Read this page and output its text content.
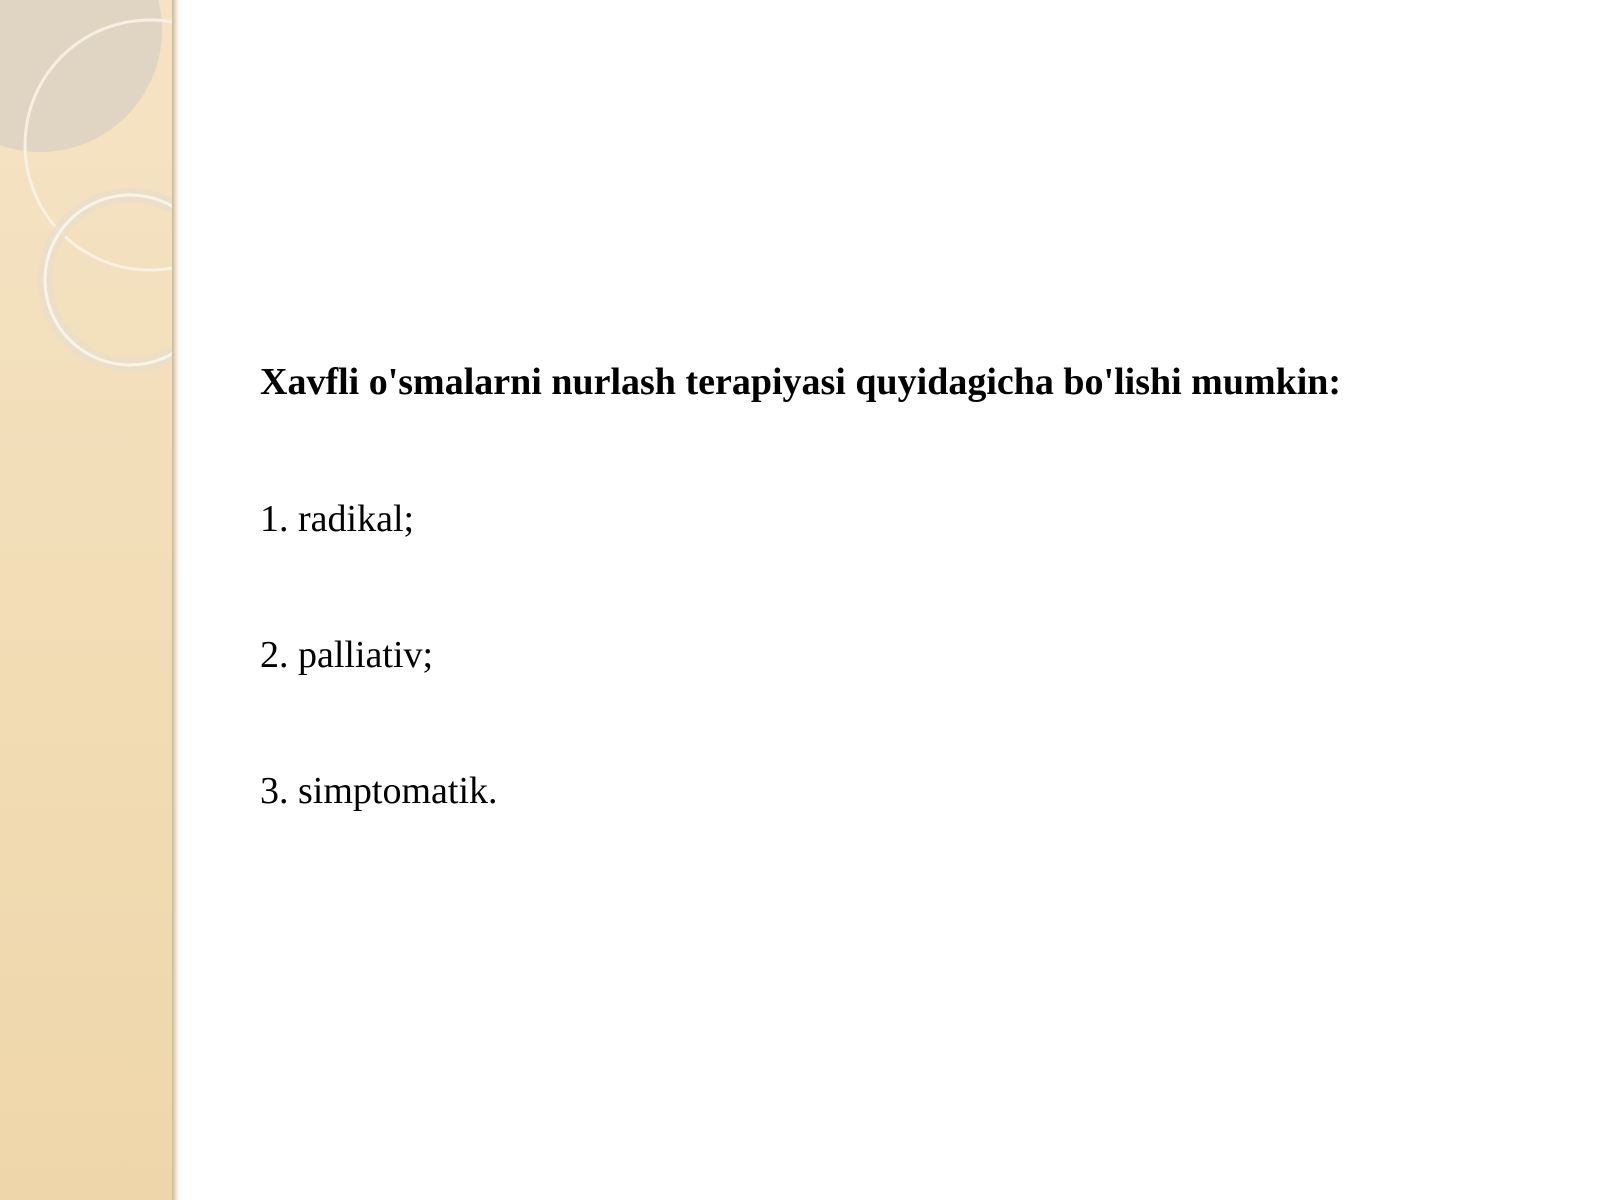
Xavfli o'smalarni nurlash terapiyasi quyidagicha bo'lishi mumkin:

1. radikal;

2. palliativ;

3. simptomatik.
